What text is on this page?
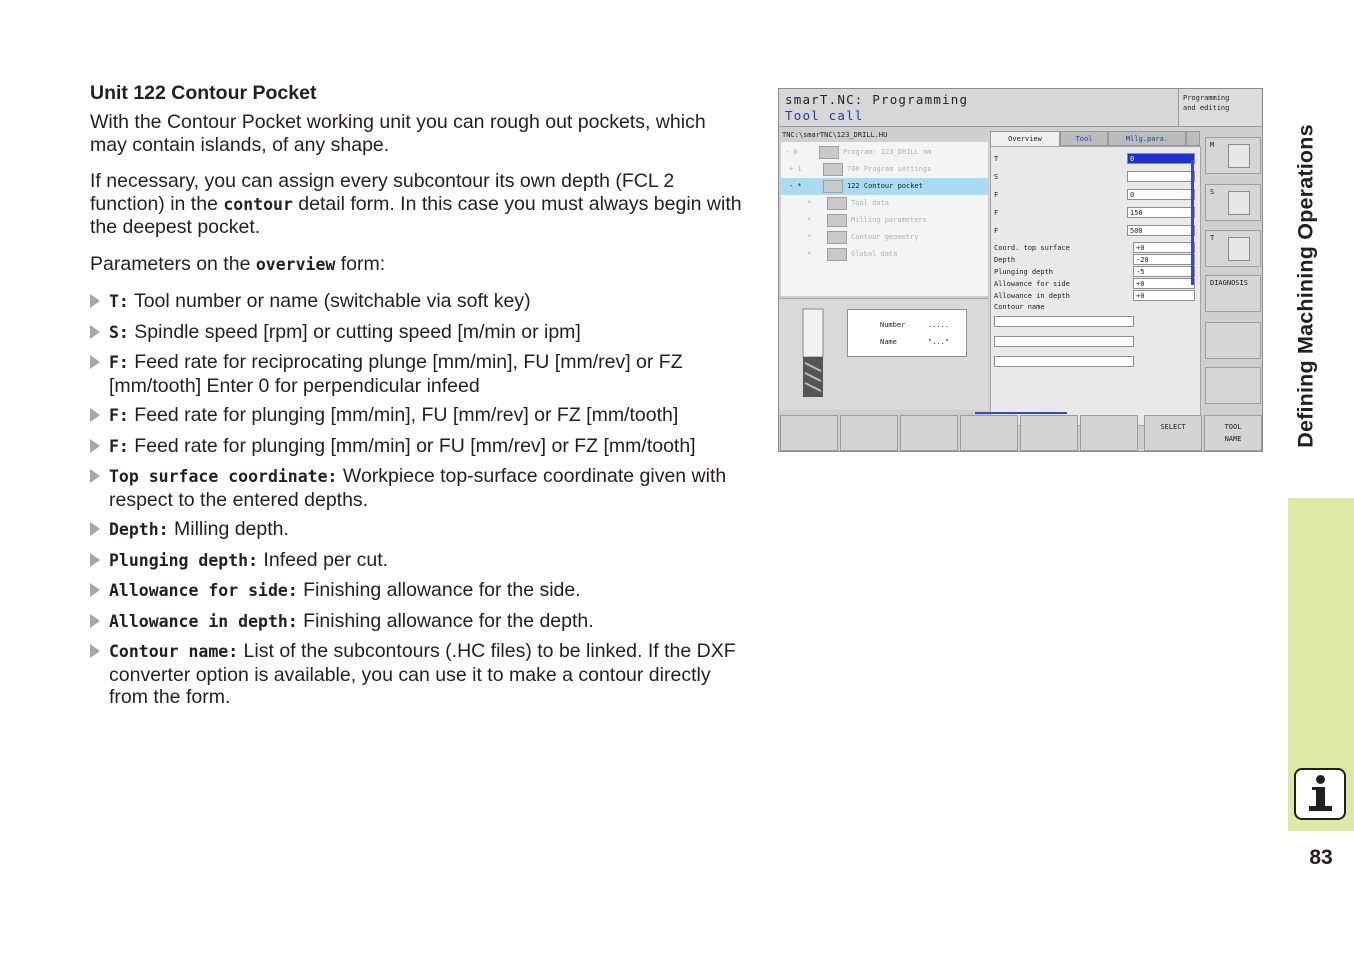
Unit 122 Contour Pocket

With the Contour Pocket working unit you can rough out pockets, which may contain islands, of any shape.

If necessary, you can assign every subcontour its own depth (FCL 2 function) in the contour detail form. In this case you must always begin with the deepest pocket.

Parameters on the overview form:

T: Tool number or name (switchable via soft key)
S: Spindle speed [rpm] or cutting speed [m/min or ipm]
F: Feed rate for reciprocating plunge [mm/min], FU [mm/rev] or FZ [mm/tooth] Enter 0 for perpendicular infeed
F: Feed rate for plunging [mm/min], FU [mm/rev] or FZ [mm/tooth]
F: Feed rate for plunging [mm/min] or FU [mm/rev] or FZ [mm/tooth]
Top surface coordinate: Workpiece top-surface coordinate given with respect to the entered depths.
Depth: Milling depth.
Plunging depth: Infeed per cut.
Allowance for side: Finishing allowance for the side.
Allowance in depth: Finishing allowance for the depth.
Contour name: List of the subcontours (.HC files) to be linked. If the DXF converter option is available, you can use it to make a contour directly from the form.
smarT.NC: Programming
Tool call
Programming
and editing
TNC:\smarTNC\123_DRILL.HU
- 0	Program: 123_DRILL mm
+ 1	700 Program settings
- *	122 Contour pocket
*	Tool data
*	Milling parameters
*	Contour geometry
*	Global data
Overview	Tool	Mllg.para.
T	0
S
F	0
F	150
F	500
Coord. top surface	+0
Depth	-20
Plunging depth	-5
Allowance for side	+0
Allowance in depth	+0
Contour name
Number	.....
Name	"..."
M
S
T
DIAGNOSIS
SELECT	TOOL
NAME	Defining Machining Operations
83
